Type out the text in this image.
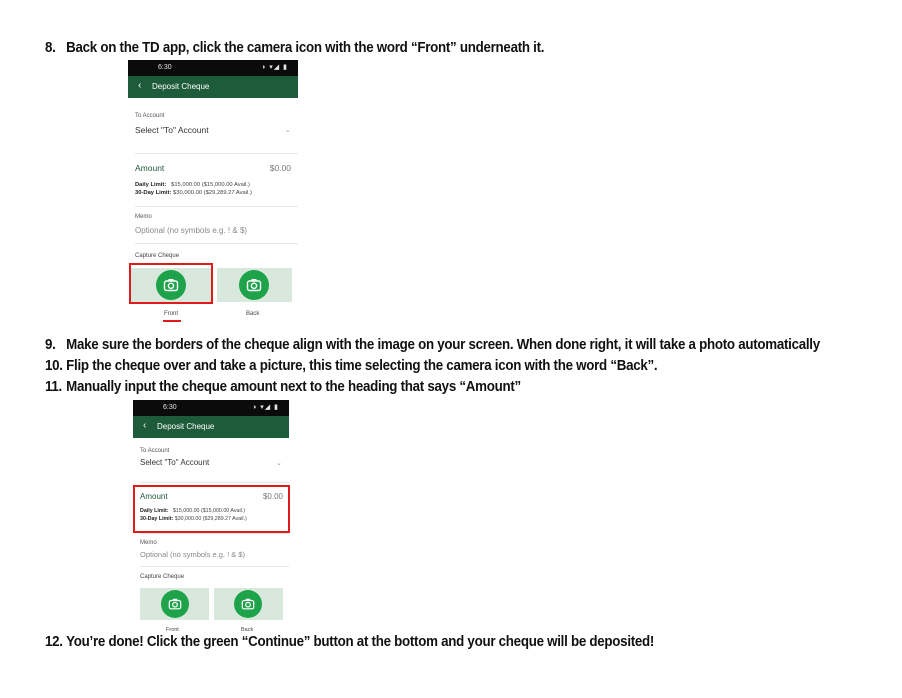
8. Back on the TD app, click the camera icon with the word “Front” underneath it.
6:30	◑ ▾◢ ▮
‹ Deposit Cheque
To Account
Select "To" Account	⌄
Amount	$0.00
Daily Limit: $15,000.00 ($15,000.00 Avail.)
30-Day Limit: $30,000.00 ($29,289.27 Avail.)
Memo
Optional (no symbols e.g. ! & $)
Capture Cheque
Front	Back
9. Make sure the borders of the cheque align with the image on your screen. When done right, it will take a photo automatically
10. Flip the cheque over and take a picture, this time selecting the camera icon with the word “Back”.
11. Manually input the cheque amount next to the heading that says “Amount”
6:30	◑ ▾◢ ▮
‹ Deposit Cheque
To Account
Select "To" Account	⌄
Amount	$0.00
Daily Limit: $15,000.00 ($15,000.00 Avail.)
30-Day Limit: $30,000.00 ($29,289.27 Avail.)
Memo
Optional (no symbols e.g. ! & $)
Capture Cheque
Front	Back
12. You’re done! Click the green “Continue” button at the bottom and your cheque will be deposited!
